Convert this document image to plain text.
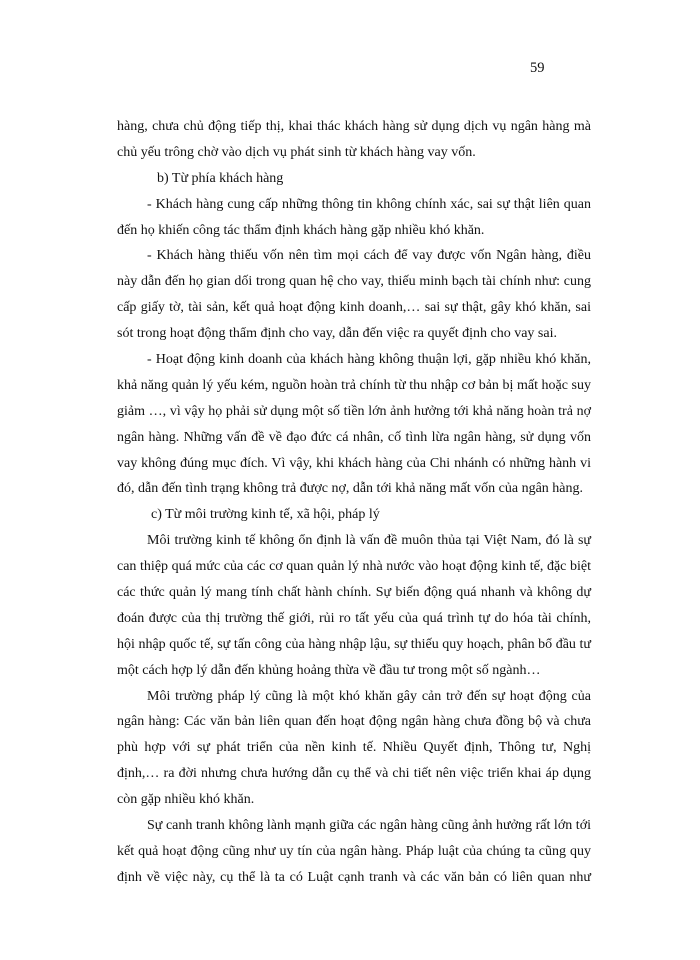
59
hàng, chưa chủ động tiếp thị, khai thác khách hàng sử dụng dịch vụ ngân hàng mà
chủ yếu trông chờ vào dịch vụ phát sinh từ khách hàng vay vốn.
b) Từ phía khách hàng
- Khách hàng cung cấp những thông tin không chính xác, sai sự thật liên quan
đến họ khiến công tác thẩm định khách hàng gặp nhiều khó khăn.
- Khách hàng thiếu vốn nên tìm mọi cách để vay được vốn Ngân hàng, điều
này dẫn đến họ gian dối trong quan hệ cho vay, thiếu minh bạch tài chính như: cung
cấp giấy tờ, tài sản, kết quả hoạt động kinh doanh,… sai sự thật, gây khó khăn, sai
sót trong hoạt động thẩm định cho vay, dẫn đến việc ra quyết định cho vay sai.
- Hoạt động kinh doanh của khách hàng không thuận lợi, gặp nhiều khó khăn,
khả năng quản lý yếu kém, nguồn hoàn trả chính từ thu nhập cơ bản bị mất hoặc suy
giảm …, vì vậy họ phải sử dụng một số tiền lớn ảnh hưởng tới khả năng hoàn trả nợ
ngân hàng. Những vấn đề về đạo đức cá nhân, cố tình lừa ngân hàng, sử dụng vốn
vay không đúng mục đích. Vì vậy, khi khách hàng của Chi nhánh có những hành vi
đó, dẫn đến tình trạng không trả được nợ, dẫn tới khả năng mất vốn của ngân hàng.
c) Từ môi trường kinh tế, xã hội, pháp lý
Môi trường kinh tế không ổn định là vấn đề muôn thủa tại Việt Nam, đó là sự
can thiệp quá mức của các cơ quan quản lý nhà nước vào hoạt động kinh tế, đặc biệt
các thức quản lý mang tính chất hành chính. Sự biến động quá nhanh và không dự
đoán được của thị trường thế giới, rủi ro tất yếu của quá trình tự do hóa tài chính,
hội nhập quốc tế, sự tấn công của hàng nhập lậu, sự thiếu quy hoạch, phân bổ đầu tư
một cách hợp lý dẫn đến khủng hoảng thừa về đầu tư trong một số ngành…
Môi trường pháp lý cũng là một khó khăn gây cản trở đến sự hoạt động của
ngân hàng: Các văn bản liên quan đến hoạt động ngân hàng chưa đồng bộ và chưa
phù hợp với sự phát triển của nền kinh tế. Nhiều Quyết định, Thông tư, Nghị
định,… ra đời nhưng chưa hướng dẫn cụ thể và chi tiết nên việc triển khai áp dụng
còn gặp nhiều khó khăn.
Sự canh tranh không lành mạnh giữa các ngân hàng cũng ảnh hưởng rất lớn tới
kết quả hoạt động cũng như uy tín của ngân hàng. Pháp luật của chúng ta cũng quy
định về việc này, cụ thể là ta có Luật cạnh tranh và các văn bản có liên quan như
